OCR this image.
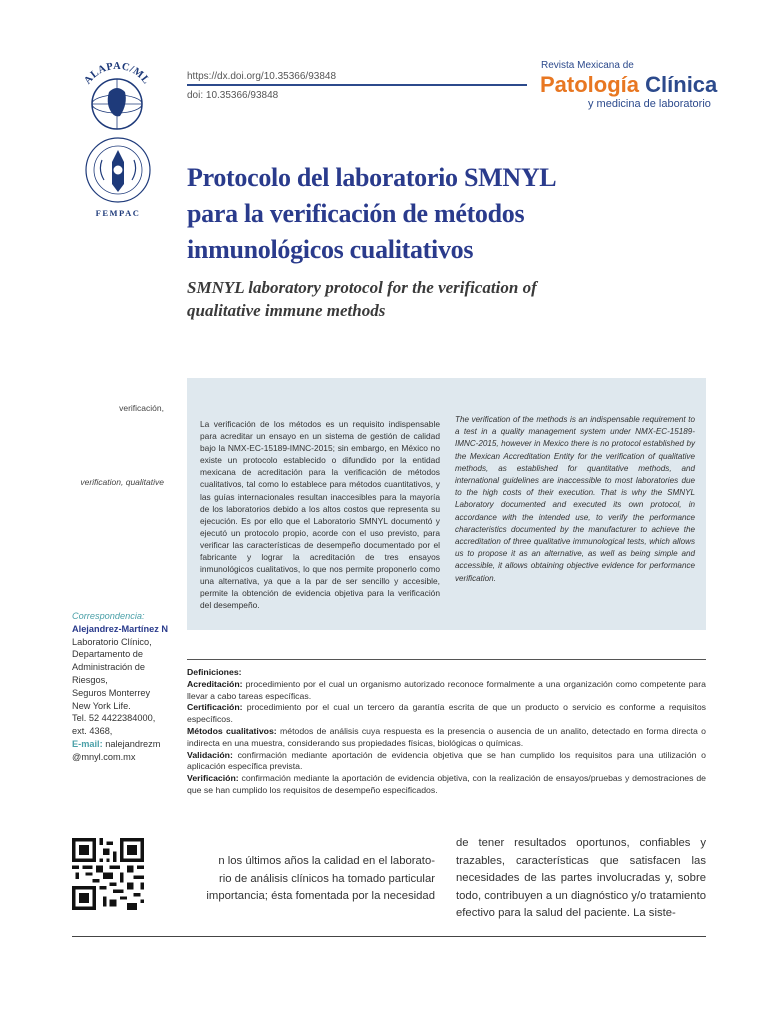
ALAPAC/ML
FEMPAC
https://dx.doi.org/10.35366/93848
doi: 10.35366/93848
Revista Mexicana de
Patología Clínica
y medicina de laboratorio
Protocolo del laboratorio SMNYL para la verificación de métodos inmunológicos cualitativos
SMNYL laboratory protocol for the verification of qualitative immune methods
verificación,
verification, qualitative

La verificación de los métodos es un requisito indispensable para acreditar un ensayo en un sistema de gestión de calidad bajo la NMX-EC-15189-IMNC-2015; sin embargo, en México no existe un protocolo establecido o difundido por la entidad mexicana de acreditación para la verificación de métodos cualitativos, tal como lo establece para métodos cuantitativos, y las guías internacionales resultan inaccesibles para la mayoría de los laboratorios debido a los altos costos que representa su ejecución. Es por ello que el Laboratorio SMNYL documentó y ejecutó un protocolo propio, acorde con el uso previsto, para verificar las características de desempeño documentado por el fabricante y lograr la acreditación de tres ensayos inmunológicos cualitativos, lo que nos permite proponerlo como una alternativa, ya que a la par de ser sencillo y accesible, permite la obtención de evidencia objetiva para la verificación del desempeño.

The verification of the methods is an indispensable requirement to a test in a quality management system under NMX-EC-15189-IMNC-2015, however in Mexico there is no protocol established by the Mexican Accreditation Entity for the verification of qualitative methods, as established for quantitative methods, and international guidelines are inaccessible to most laboratories due to the high costs of their execution. That is why the SMNYL Laboratory documented and executed its own protocol, in accordance with the intended use, to verify the performance characteristics documented by the manufacturer to achieve the accreditation of three qualitative immunological tests, which allows us to propose it as an alternative, as well as being simple and accessible, it allows obtaining objective evidence for performance verification.

Correspondencia:
Alejandrez-Martínez N
Laboratorio Clínico,
Departamento de
Administración de
Riesgos,
Seguros Monterrey
New York Life.
Tel. 52 4422384000,
ext. 4368,
E-mail: nalejandrezm
@mnyl.com.mx

Definiciones:

Acreditación: procedimiento por el cual un organismo autorizado reconoce formalmente a una organización como competente para llevar a cabo tareas específicas.

Certificación: procedimiento por el cual un tercero da garantía escrita de que un producto o servicio es conforme a requisitos específicos.

Métodos cualitativos: métodos de análisis cuya respuesta es la presencia o ausencia de un analito, detectado en forma directa o indirecta en una muestra, considerando sus propiedades físicas, biológicas o químicas.

Validación: confirmación mediante aportación de evidencia objetiva que se han cumplido los requisitos para una utilización o aplicación específica prevista.

Verificación: confirmación mediante la aportación de evidencia objetiva, con la realización de ensayos/pruebas y demostraciones de que se han cumplido los requisitos de desempeño especificados.

n los últimos años la calidad en el laborato-
rio de análisis clínicos ha tomado particular
importancia; ésta fomentada por la necesidad

de tener resultados oportunos, confiables y trazables, características que satisfacen las necesidades de las partes involucradas y, sobre todo, contribuyen a un diagnóstico y/o tratamiento efectivo para la salud del paciente. La siste-
